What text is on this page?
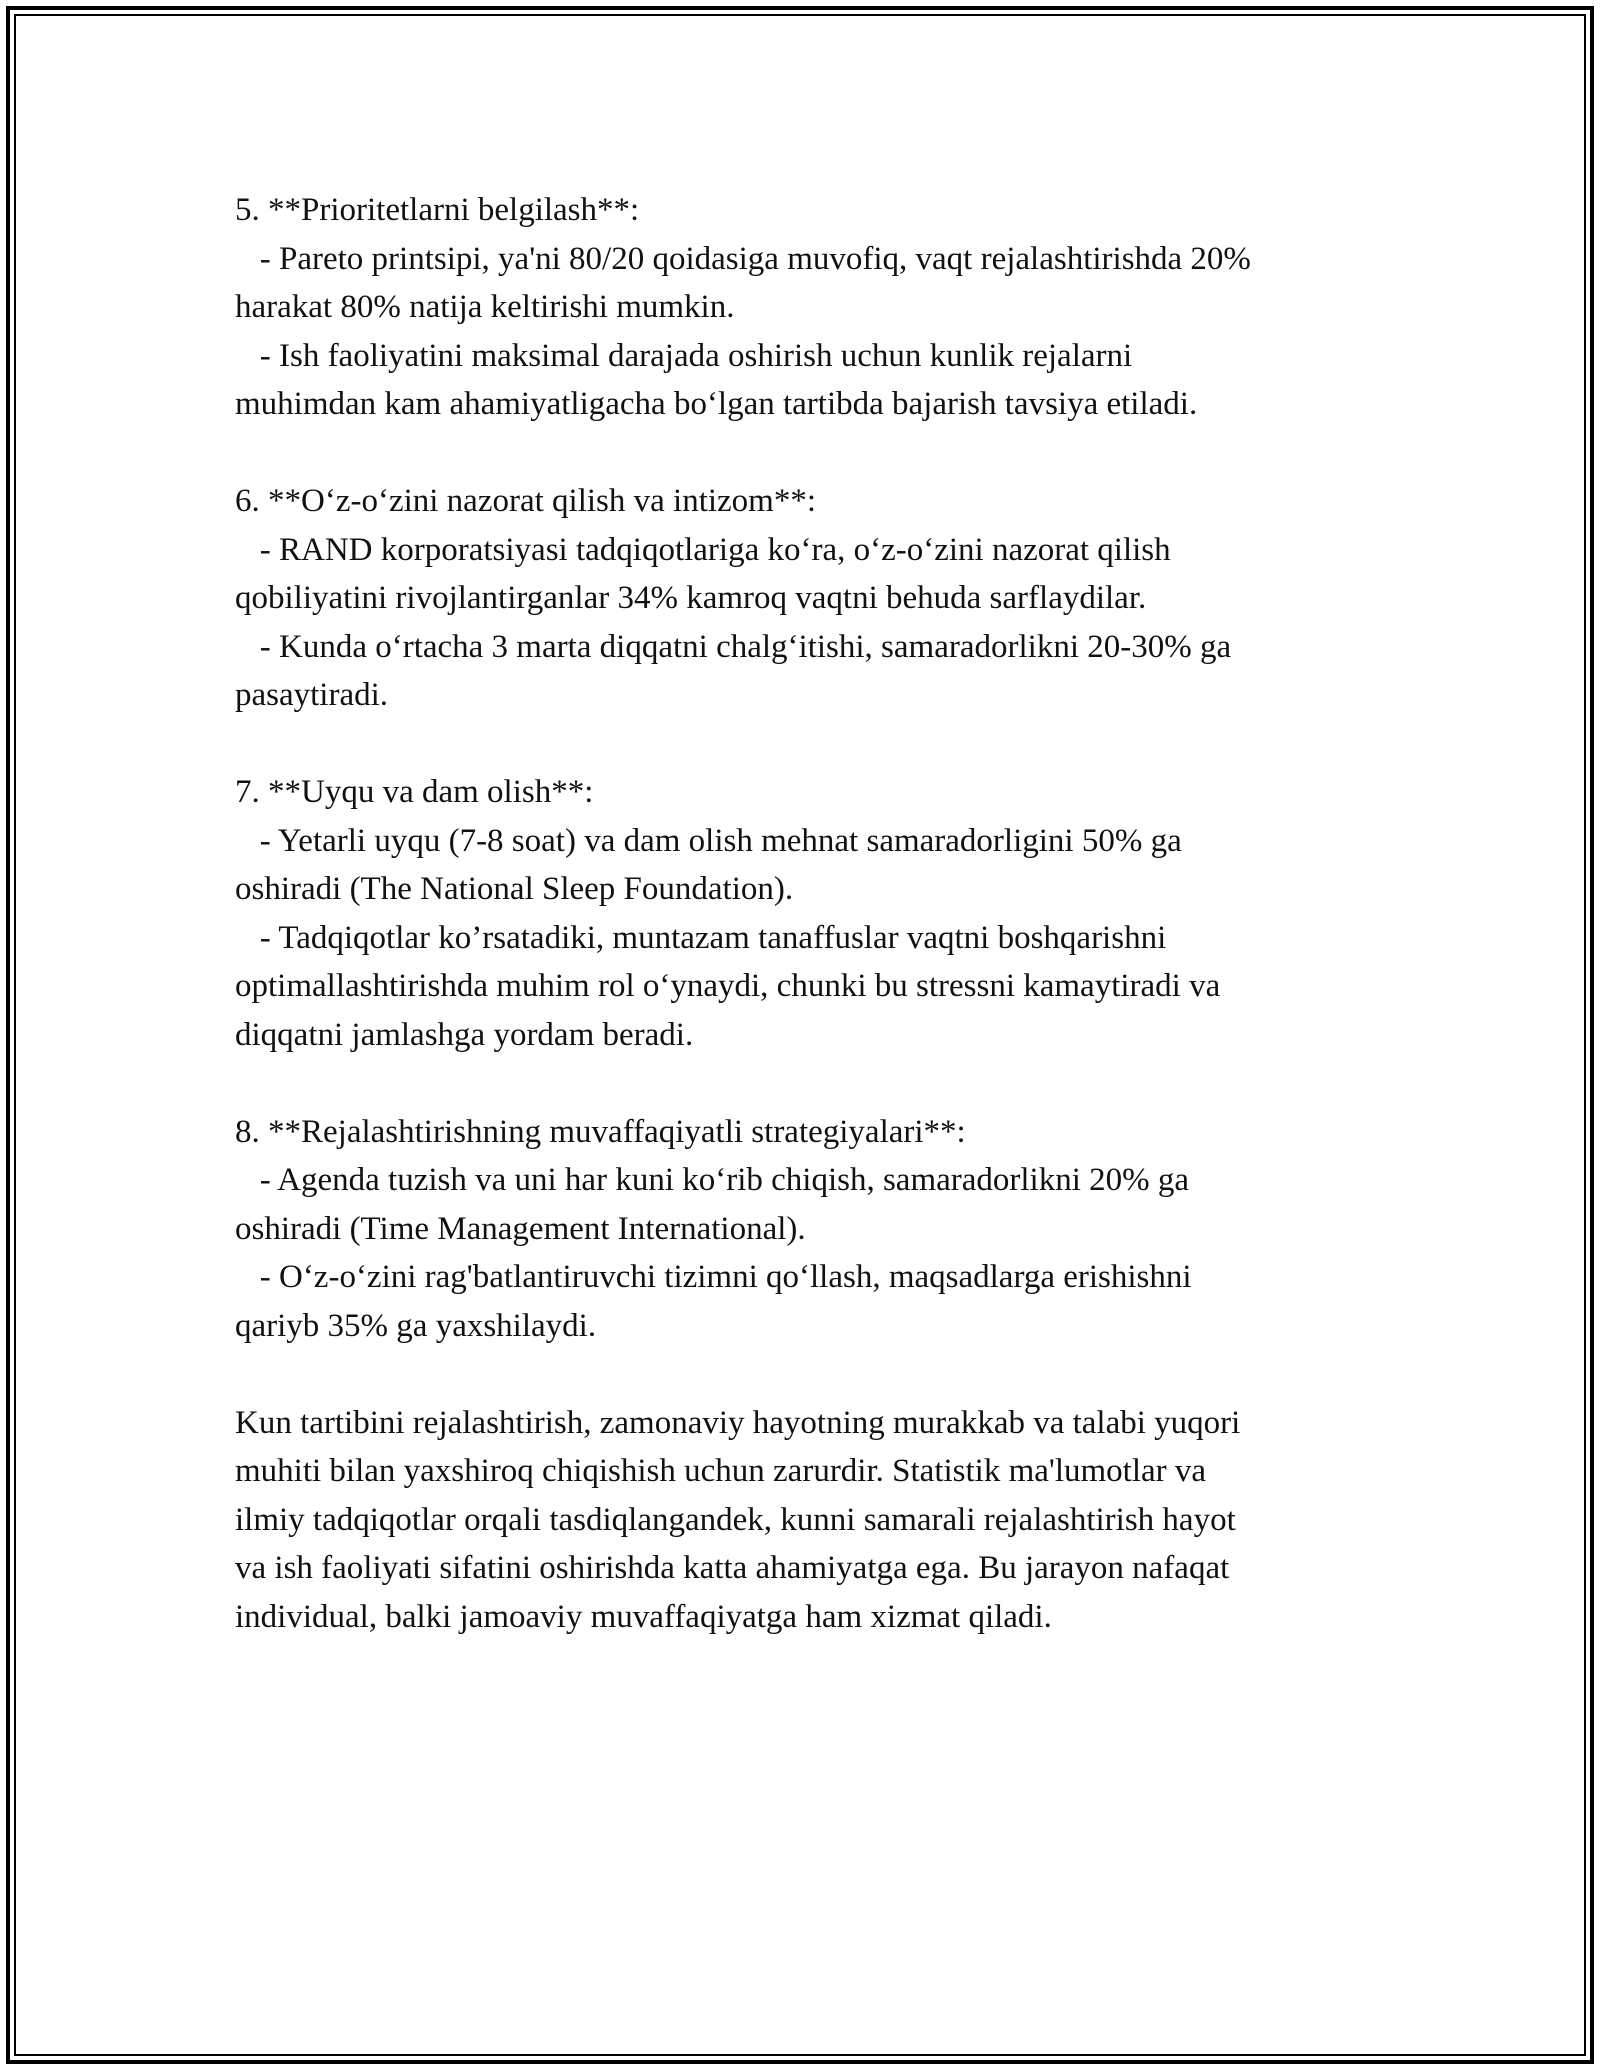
5. **Prioritetlarni belgilash**:
- Pareto printsipi, ya'ni 80/20 qoidasiga muvofiq, vaqt rejalashtirishda 20%
harakat 80% natija keltirishi mumkin.
- Ish faoliyatini maksimal darajada oshirish uchun kunlik rejalarni
muhimdan kam ahamiyatligacha bo‘lgan tartibda bajarish tavsiya etiladi.
6. **O‘z-o‘zini nazorat qilish va intizom**:
- RAND korporatsiyasi tadqiqotlariga ko‘ra, o‘z-o‘zini nazorat qilish
qobiliyatini rivojlantirganlar 34% kamroq vaqtni behuda sarflaydilar.
- Kunda o‘rtacha 3 marta diqqatni chalg‘itishi, samaradorlikni 20-30% ga
pasaytiradi.
7. **Uyqu va dam olish**:
- Yetarli uyqu (7-8 soat) va dam olish mehnat samaradorligini 50% ga
oshiradi (The National Sleep Foundation).
- Tadqiqotlar ko’rsatadiki, muntazam tanaffuslar vaqtni boshqarishni
optimallashtirishda muhim rol o‘ynaydi, chunki bu stressni kamaytiradi va
diqqatni jamlashga yordam beradi.
8. **Rejalashtirishning muvaffaqiyatli strategiyalari**:
- Agenda tuzish va uni har kuni ko‘rib chiqish, samaradorlikni 20% ga
oshiradi (Time Management International).
- O‘z-o‘zini rag'batlantiruvchi tizimni qo‘llash, maqsadlarga erishishni
qariyb 35% ga yaxshilaydi.
Kun tartibini rejalashtirish, zamonaviy hayotning murakkab va talabi yuqori
muhiti bilan yaxshiroq chiqishish uchun zarurdir. Statistik ma'lumotlar va
ilmiy tadqiqotlar orqali tasdiqlangandek, kunni samarali rejalashtirish hayot
va ish faoliyati sifatini oshirishda katta ahamiyatga ega. Bu jarayon nafaqat
individual, balki jamoaviy muvaffaqiyatga ham xizmat qiladi.
